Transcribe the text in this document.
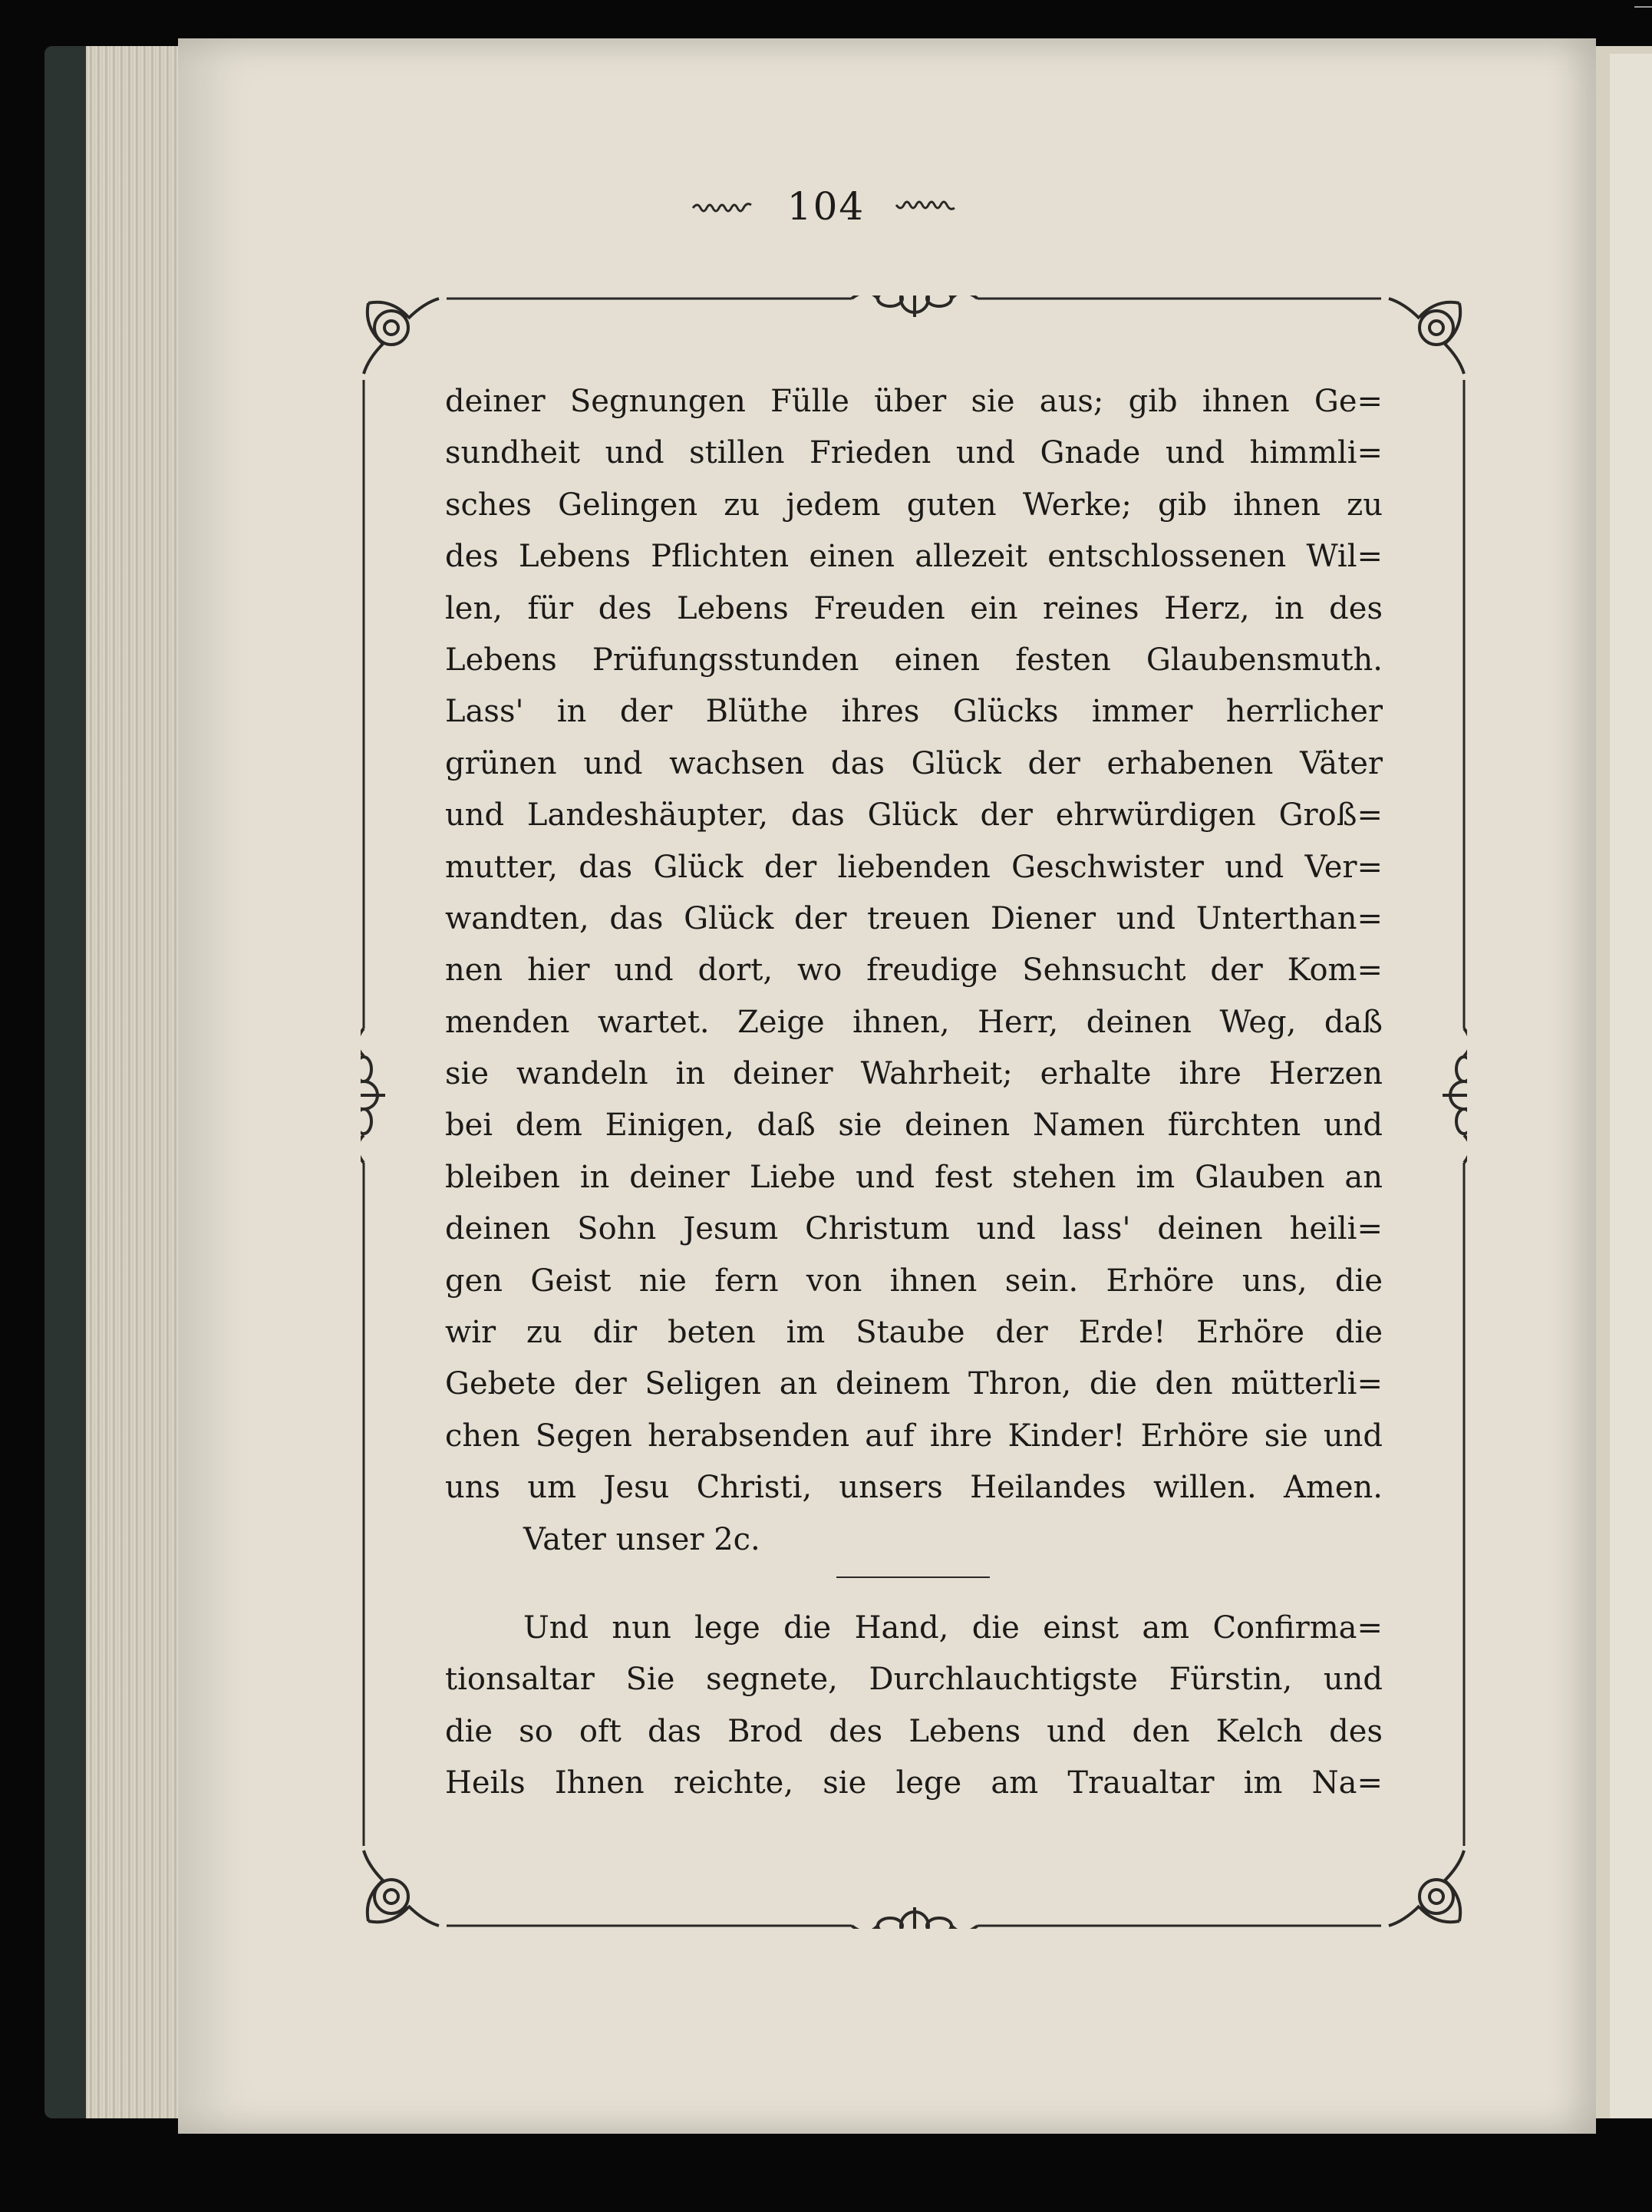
104
deiner Segnungen Fülle über sie aus; gib ihnen Ge=
sundheit und stillen Frieden und Gnade und himmli=
sches Gelingen zu jedem guten Werke; gib ihnen zu
des Lebens Pflichten einen allezeit entschlossenen Wil=
len, für des Lebens Freuden ein reines Herz, in des
Lebens Prüfungsstunden einen festen Glaubensmuth.
Lass' in der Blüthe ihres Glücks immer herrlicher
grünen und wachsen das Glück der erhabenen Väter
und Landeshäupter, das Glück der ehrwürdigen Groß=
mutter, das Glück der liebenden Geschwister und Ver=
wandten, das Glück der treuen Diener und Unterthan=
nen hier und dort, wo freudige Sehnsucht der Kom=
menden wartet. Zeige ihnen, Herr, deinen Weg, daß
sie wandeln in deiner Wahrheit; erhalte ihre Herzen
bei dem Einigen, daß sie deinen Namen fürchten und
bleiben in deiner Liebe und fest stehen im Glauben an
deinen Sohn Jesum Christum und lass' deinen heili=
gen Geist nie fern von ihnen sein. Erhöre uns, die
wir zu dir beten im Staube der Erde! Erhöre die
Gebete der Seligen an deinem Thron, die den mütterli=
chen Segen herabsenden auf ihre Kinder! Erhöre sie und
uns um Jesu Christi, unsers Heilandes willen. Amen.
Vater unser 2c.
Und nun lege die Hand, die einst am Confirma=
tionsaltar Sie segnete, Durchlauchtigste Fürstin, und
die so oft das Brod des Lebens und den Kelch des
Heils Ihnen reichte, sie lege am Traualtar im Na=
